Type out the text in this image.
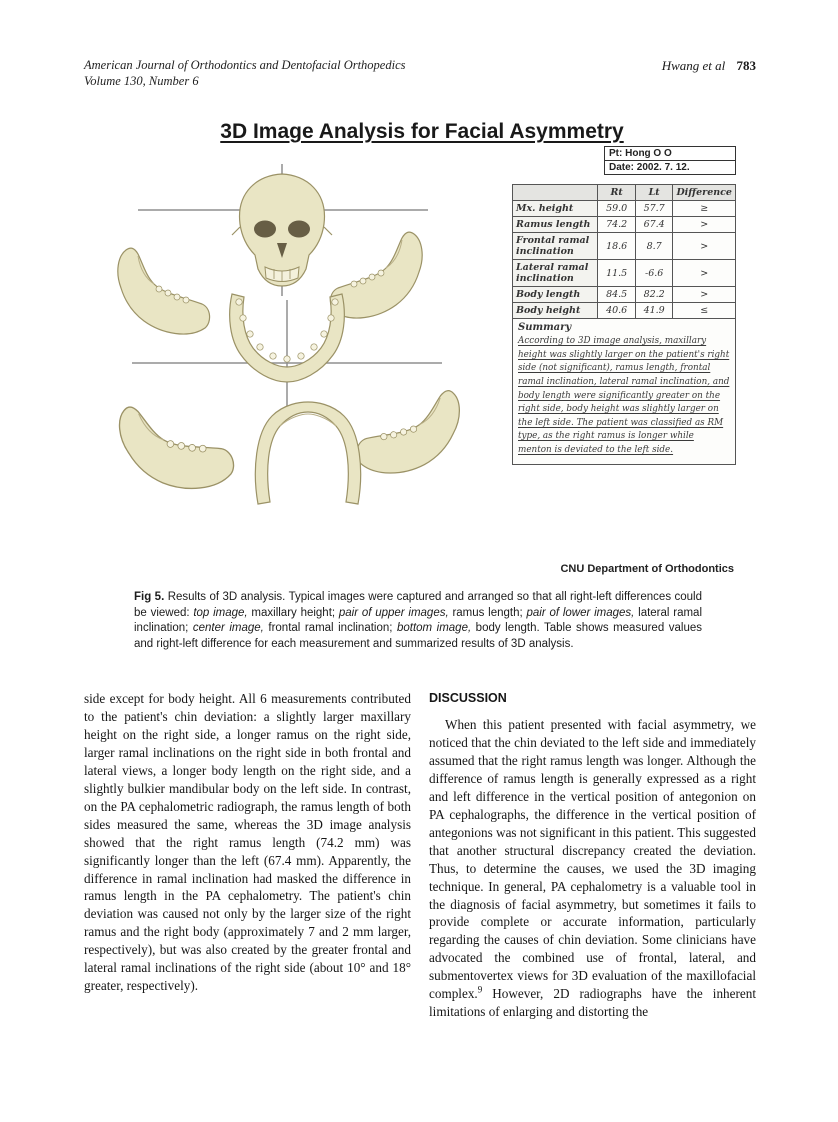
American Journal of Orthodontics and Dentofacial Orthopedics
Volume 130, Number 6
Hwang et al 783
3D Image Analysis for Facial Asymmetry
Pt: Hong O O
Date: 2002. 7. 12.
	Rt	Lt	Difference
Mx. height	59.0	57.7	≥
Ramus length	74.2	67.4	>
Frontal ramal inclination	18.6	8.7	>
Lateral ramal inclination	11.5	-6.6	>
Body length	84.5	82.2	>
Body height	40.6	41.9	≤
Summary
According to 3D image analysis, maxillary height was slightly larger on the patient's right side (not significant), ramus length, frontal ramal inclination, lateral ramal inclination, and body length were significantly greater on the right side, body height was slightly larger on the left side. The patient was classified as RM type, as the right ramus is longer while menton is deviated to the left side.
CNU Department of Orthodontics
Fig 5. Results of 3D analysis. Typical images were captured and arranged so that all right-left differences could be viewed: top image, maxillary height; pair of upper images, ramus length; pair of lower images, lateral ramal inclination; center image, frontal ramal inclination; bottom image, body length. Table shows measured values and right-left difference for each measurement and summarized results of 3D analysis.

side except for body height. All 6 measurements contributed to the patient's chin deviation: a slightly larger maxillary height on the right side, a longer ramus on the right side, larger ramal inclinations on the right side in both frontal and lateral views, a longer body length on the right side, and a slightly bulkier mandibular body on the left side. In contrast, on the PA cephalometric radiograph, the ramus length of both sides measured the same, whereas the 3D image analysis showed that the right ramus length (74.2 mm) was significantly longer than the left (67.4 mm). Apparently, the difference in ramal inclination had masked the difference in ramus length in the PA cephalometry. The patient's chin deviation was caused not only by the larger size of the right ramus and the right body (approximately 7 and 2 mm larger, respectively), but was also created by the greater frontal and lateral ramal inclinations of the right side (about 10° and 18° greater, respectively).

DISCUSSION

When this patient presented with facial asymmetry, we noticed that the chin deviated to the left side and immediately assumed that the right ramus length was longer. Although the difference of ramus length is generally expressed as a right and left difference in the vertical position of antegonion on PA cephalographs, the difference in the vertical position of antegonions was not significant in this patient. This suggested that another structural discrepancy created the deviation. Thus, to determine the causes, we used the 3D imaging technique. In general, PA cephalometry is a valuable tool in the diagnosis of facial asymmetry, but sometimes it fails to provide complete or accurate information, particularly regarding the causes of chin deviation. Some clinicians have advocated the combined use of frontal, lateral, and submentovertex views for 3D evaluation of the maxillofacial complex.$^9$ However, 2D radiographs have the inherent limitations of enlarging and distorting the
